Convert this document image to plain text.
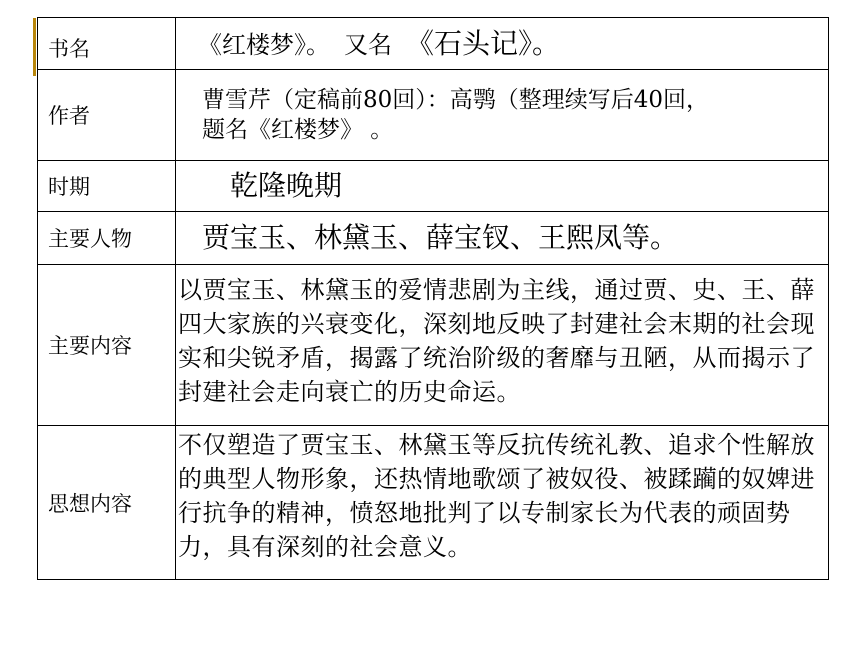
书名	《红楼梦》。 又名 《石头记》。
作者	曹雪芹（定稿前80回）：高鹗（整理续写后40回，
题名《红楼梦》 。

时期	乾隆晚期
主要人物	贾宝玉、林黛玉、薛宝钗、王熙凤等。
主要内容	以贾宝玉、林黛玉的爱情悲剧为主线，通过贾、史、王、薛四大家族的兴衰变化，深刻地反映了封建社会末期的社会现实和尖锐矛盾，揭露了统治阶级的奢靡与丑陋，从而揭示了封建社会走向衰亡的历史命运。
思想内容	不仅塑造了贾宝玉、林黛玉等反抗传统礼教、追求个性解放的典型人物形象，还热情地歌颂了被奴役、被蹂躏的奴婢进行抗争的精神，愤怒地批判了以专制家长为代表的顽固势力，具有深刻的社会意义。
